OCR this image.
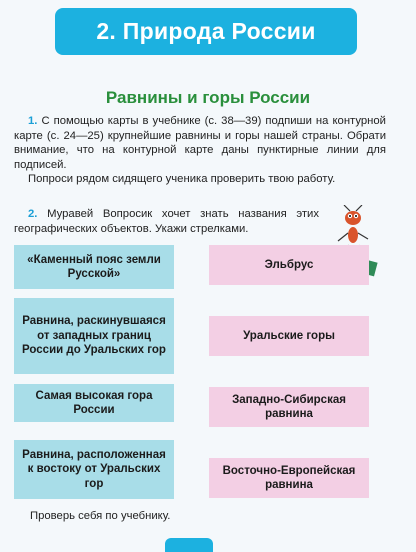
2. Природа России
Равнины и горы России

1. С помощью карты в учебнике (с. 38—39) подпиши на контурной карте (с. 24—25) крупнейшие равнины и горы нашей страны. Обрати внимание, что на контурной карте даны пунктирные линии для подписей.

Попроси рядом сидящего ученика проверить твою работу.

2. Муравей Вопросик хочет знать названия этих географических объектов. Укажи стрелками.

«Каменный пояс земли Русской»
Равнина, раскинувшаяся от западных границ России до Уральских гор
Самая высокая гора России
Равнина, расположенная к востоку от Уральских гор
Эльбрус
Уральские горы
Западно-Сибирская равнина
Восточно-Европейская равнина
Проверь себя по учебнику.
